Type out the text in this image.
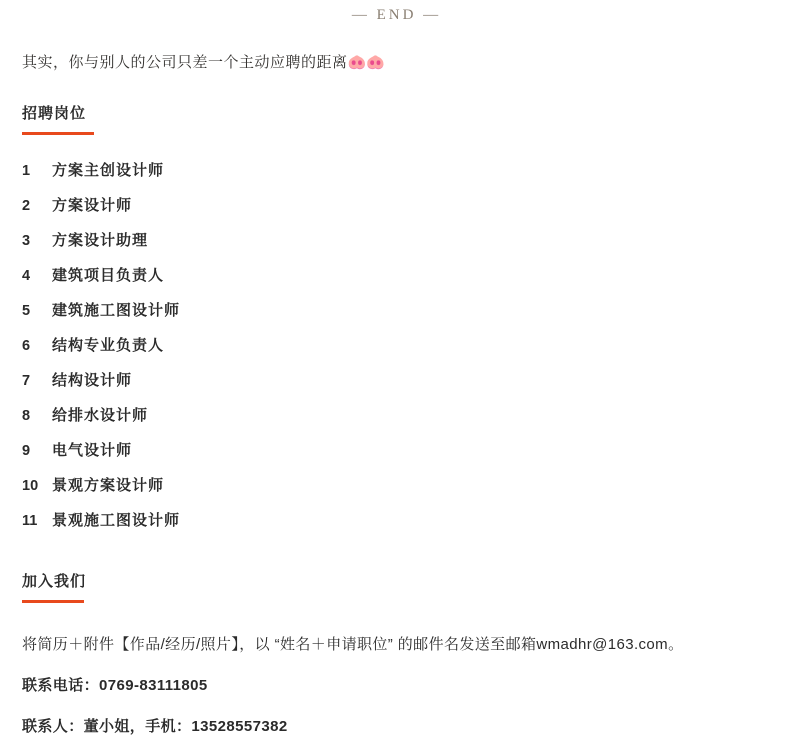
— END —
其实，你与别人的公司只差一个主动应聘的距离🐽🐽
招聘岗位
1	方案主创设计师
2	方案设计师
3	方案设计助理
4	建筑项目负责人
5	建筑施工图设计师
6	结构专业负责人
7	结构设计师
8	给排水设计师
9	电气设计师
10 景观方案设计师
11 景观施工图设计师
加入我们
将简历＋附件【作品/经历/照片】，以 “姓名＋申请职位” 的邮件名发送至邮箱wmadhr@163.com。
联系电话：0769-83111805
联系人：董小姐，手机：13528557382
